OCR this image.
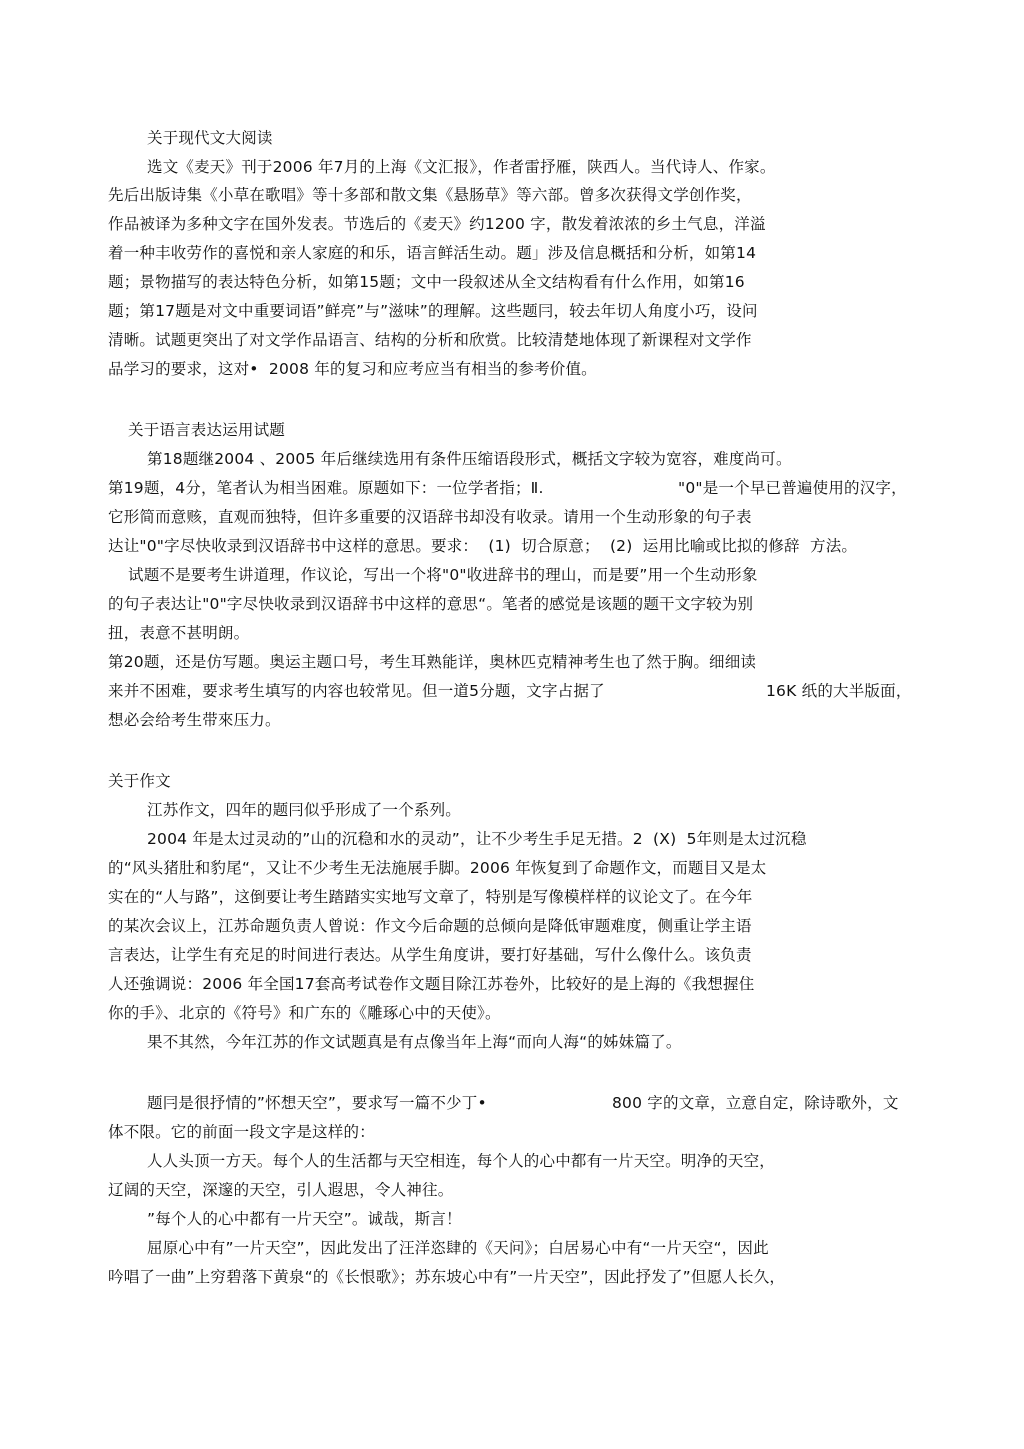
关于现代文大阅读
选文《麦天》刊于2006 年7月的上海《文汇报》，作者雷抒雁，陕西人。当代诗人、作家。
先后出版诗集《小草在歌唱》等十多部和散文集《悬肠草》等六部。曾多次获得文学创作奖，
作品被译为多种文字在国外发表。节选后的《麦天》约1200 字，散发着浓浓的乡土气息，洋溢
着一种丰收劳作的喜悦和亲人家庭的和乐，语言鲜活生动。题」涉及信息概括和分析，如第14
题；景物描写的表达特色分析，如第15题；文中一段叙述从全文结构看有什么作用，如第16
题；第17题是对文中重要词语”鲜亮”与”滋味”的理解。这些题冃，较去年切人角度小巧，设问
清晰。试题更突出了对文学作品语言、结构的分析和欣赏。比较清楚地体现了新课程对文学作
品学习的要求，这对•  2008 年的复习和应考应当有相当的参考价值。
关于语言表达运用试题
第18题继2004 、2005 年后继续选用有条件压缩语段形式，概括文字较为宽容，难度尚可。
第19题，4分，笔者认为相当困难。原题如下：一位学者指；Ⅱ.	"0"是一个早已普遍使用的汉字，
它形简而意赅，直观而独特，但许多重要的汉语辞书却没有收录。请用一个生动形象的句子表
达让"0"字尽快收录到汉语辞书中这样的意思。要求：  (1)  切合原意；  (2)  运用比喻或比拟的修辞  方法。
试题不是要考生讲道理，作议论，写出一个将"0"收进辞书的理山，而是要”用一个生动形象
的句子表达让"0"字尽快收录到汉语辞书中这样的意思“。笔者的感觉是该题的题干文字较为别
扭，表意不甚明朗。
第20题，还是仿写题。奥运主题口号，考生耳熟能详，奥林匹克精神考生也了然于胸。细细读
来并不困难，要求考生填写的内容也较常见。但一道5分题，文字占据了	16K 纸的大半版面，
想必会给考生带來压力。
关于作文
江苏作文，四年的题冃似乎形成了一个系列。
2004 年是太过灵动的”山的沉稳和水的灵动”，让不少考生手足无措。2  (X)  5年则是太过沉稳
的“风头猪肚和豹尾“，又让不少考生无法施展手脚。2006 年恢复到了命题作文，而题目又是太
实在的“人与路”，这倒要让考生踏踏实实地写文章了，特别是写像模样样的议论文了。在今年
的某次会议上，江苏命题负责人曾说：作文今后命题的总倾向是降低审题难度，侧重让学主语
言表达，让学生有充足的时间进行表达。从学生角度讲，要打好基础，写什么像什么。该负责
人还強调说：2006 年全国17套高考试卷作文题目除江苏卷外，比较好的是上海的《我想握住
你的手》、北京的《符号》和广东的《雕琢心中的天使》。
果不其然，今年江苏的作文试题真是有点像当年上海“而向人海“的姊妹篇了。
题冃是很抒情的”怀想天空”，要求写一篇不少丁•	800 字的文章，立意自定，除诗歌外，文
体不限。它的前面一段文字是这样的：
人人头顶一方天。每个人的生活都与天空相连，每个人的心中都有一片天空。明净的天空，
辽阔的天空，深邃的天空，引人遐思，令人神往。
”每个人的心中都有一片天空”。诚哉，斯言！
屈原心中有”一片天空”，因此发出了汪洋恣肆的《天问》；白居易心中有“一片天空“，因此
吟唱了一曲”上穷碧落下黄泉“的《长恨歌》；苏东坡心中有”一片天空”，因此抒发了”但愿人长久，
